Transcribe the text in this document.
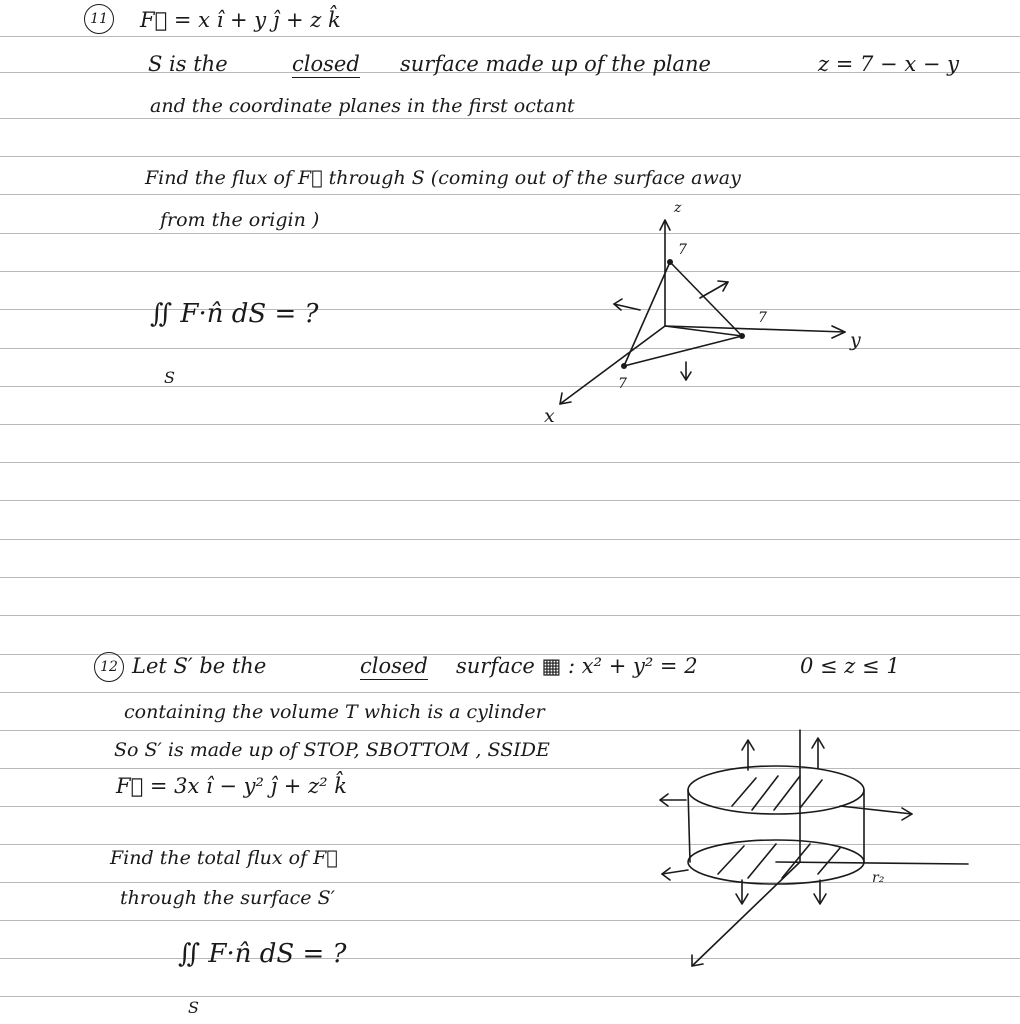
11 F⃗ = x î + y ĵ + z k̂
S is the	closed surface made up of the plane	z = 7 − x − y
and the coordinate planes in the first octant
Find the flux of F⃗ through S (coming out of the surface away
from the origin )
∬ F·n̂ dS = ?
S
z
y
x
7
7
7
12 Let S′ be the	closed surface ▦ : x² + y² = 2	0 ≤ z ≤ 1
containing the volume T which is a cylinder
So S′ is made up of STOP, SBOTTOM , SSIDE
F⃗ = 3x î − y² ĵ + z² k̂
Find the total flux of F⃗
through the surface S′
∬ F·n̂ dS = ?
S
r₂
